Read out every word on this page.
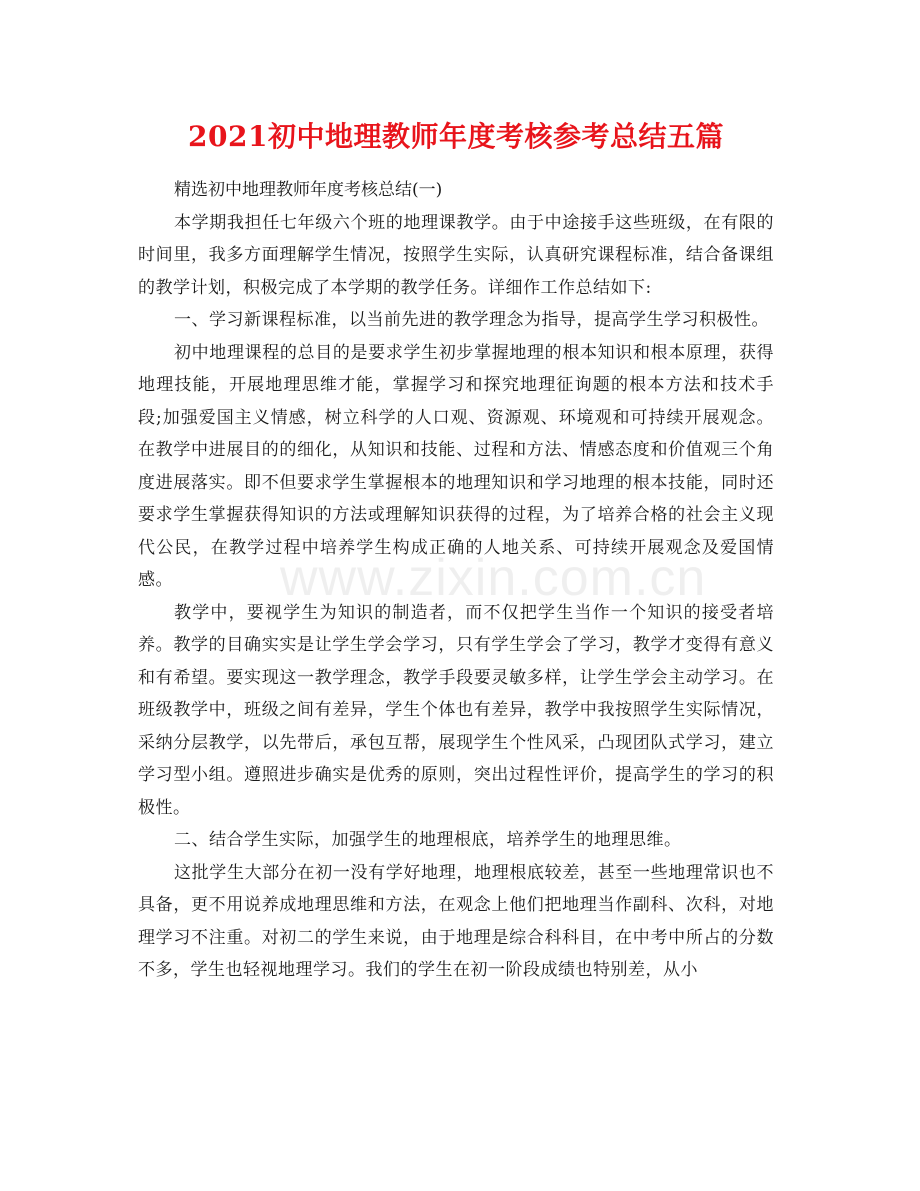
www.zixin.com.cn
2021初中地理教师年度考核参考总结五篇

精选初中地理教师年度考核总结(一)

本学期我担任七年级六个班的地理课教学。由于中途接手这些班级，在有限的时间里，我多方面理解学生情况，按照学生实际，认真研究课程标准，结合备课组的教学计划，积极完成了本学期的教学任务。详细作工作总结如下:

一、学习新课程标准，以当前先进的教学理念为指导，提高学生学习积极性。

初中地理课程的总目的是要求学生初步掌握地理的根本知识和根本原理，获得地理技能，开展地理思维才能，掌握学习和探究地理征询题的根本方法和技术手段;加强爱国主义情感，树立科学的人口观、资源观、环境观和可持续开展观念。在教学中进展目的的细化，从知识和技能、过程和方法、情感态度和价值观三个角度进展落实。即不但要求学生掌握根本的地理知识和学习地理的根本技能，同时还要求学生掌握获得知识的方法或理解知识获得的过程，为了培养合格的社会主义现代公民，在教学过程中培养学生构成正确的人地关系、可持续开展观念及爱国情感。

教学中，要视学生为知识的制造者，而不仅把学生当作一个知识的接受者培养。教学的目确实实是让学生学会学习，只有学生学会了学习，教学才变得有意义和有希望。要实现这一教学理念，教学手段要灵敏多样，让学生学会主动学习。在班级教学中，班级之间有差异，学生个体也有差异，教学中我按照学生实际情况，采纳分层教学，以先带后，承包互帮，展现学生个性风采，凸现团队式学习，建立学习型小组。遵照进步确实是优秀的原则，突出过程性评价，提高学生的学习的积极性。

二、结合学生实际，加强学生的地理根底，培养学生的地理思维。

这批学生大部分在初一没有学好地理，地理根底较差，甚至一些地理常识也不具备，更不用说养成地理思维和方法，在观念上他们把地理当作副科、次科，对地理学习不注重。对初二的学生来说，由于地理是综合科科目，在中考中所占的分数不多，学生也轻视地理学习。我们的学生在初一阶段成绩也特别差，从小
